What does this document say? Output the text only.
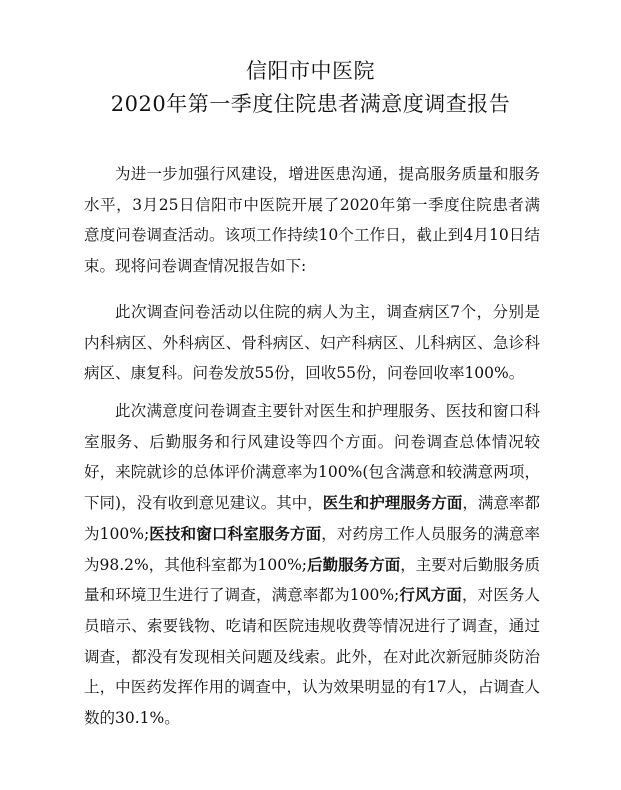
信阳市中医院
2020年第一季度住院患者满意度调查报告

为进一步加强行风建设，增进医患沟通，提高服务质量和服务水平，3月25日信阳市中医院开展了2020年第一季度住院患者满意度问卷调查活动。该项工作持续10个工作日，截止到4月10日结束。现将问卷调查情况报告如下:

此次调查问卷活动以住院的病人为主，调查病区7个，分别是内科病区、外科病区、骨科病区、妇产科病区、儿科病区、急诊科病区、康复科。问卷发放55份，回收55份，问卷回收率100%。

此次满意度问卷调查主要针对医生和护理服务、医技和窗口科室服务、后勤服务和行风建设等四个方面。问卷调查总体情况较好，来院就诊的总体评价满意率为100%(包含满意和较满意两项，下同)，没有收到意见建议。其中，医生和护理服务方面，满意率都为100%;医技和窗口科室服务方面，对药房工作人员服务的满意率为98.2%，其他科室都为100%;后勤服务方面，主要对后勤服务质量和环境卫生进行了调查，满意率都为100%;行风方面，对医务人员暗示、索要钱物、吃请和医院违规收费等情况进行了调查，通过调查，都没有发现相关问题及线索。此外，在对此次新冠肺炎防治上，中医药发挥作用的调查中，认为效果明显的有17人，占调查人数的30.1%。
